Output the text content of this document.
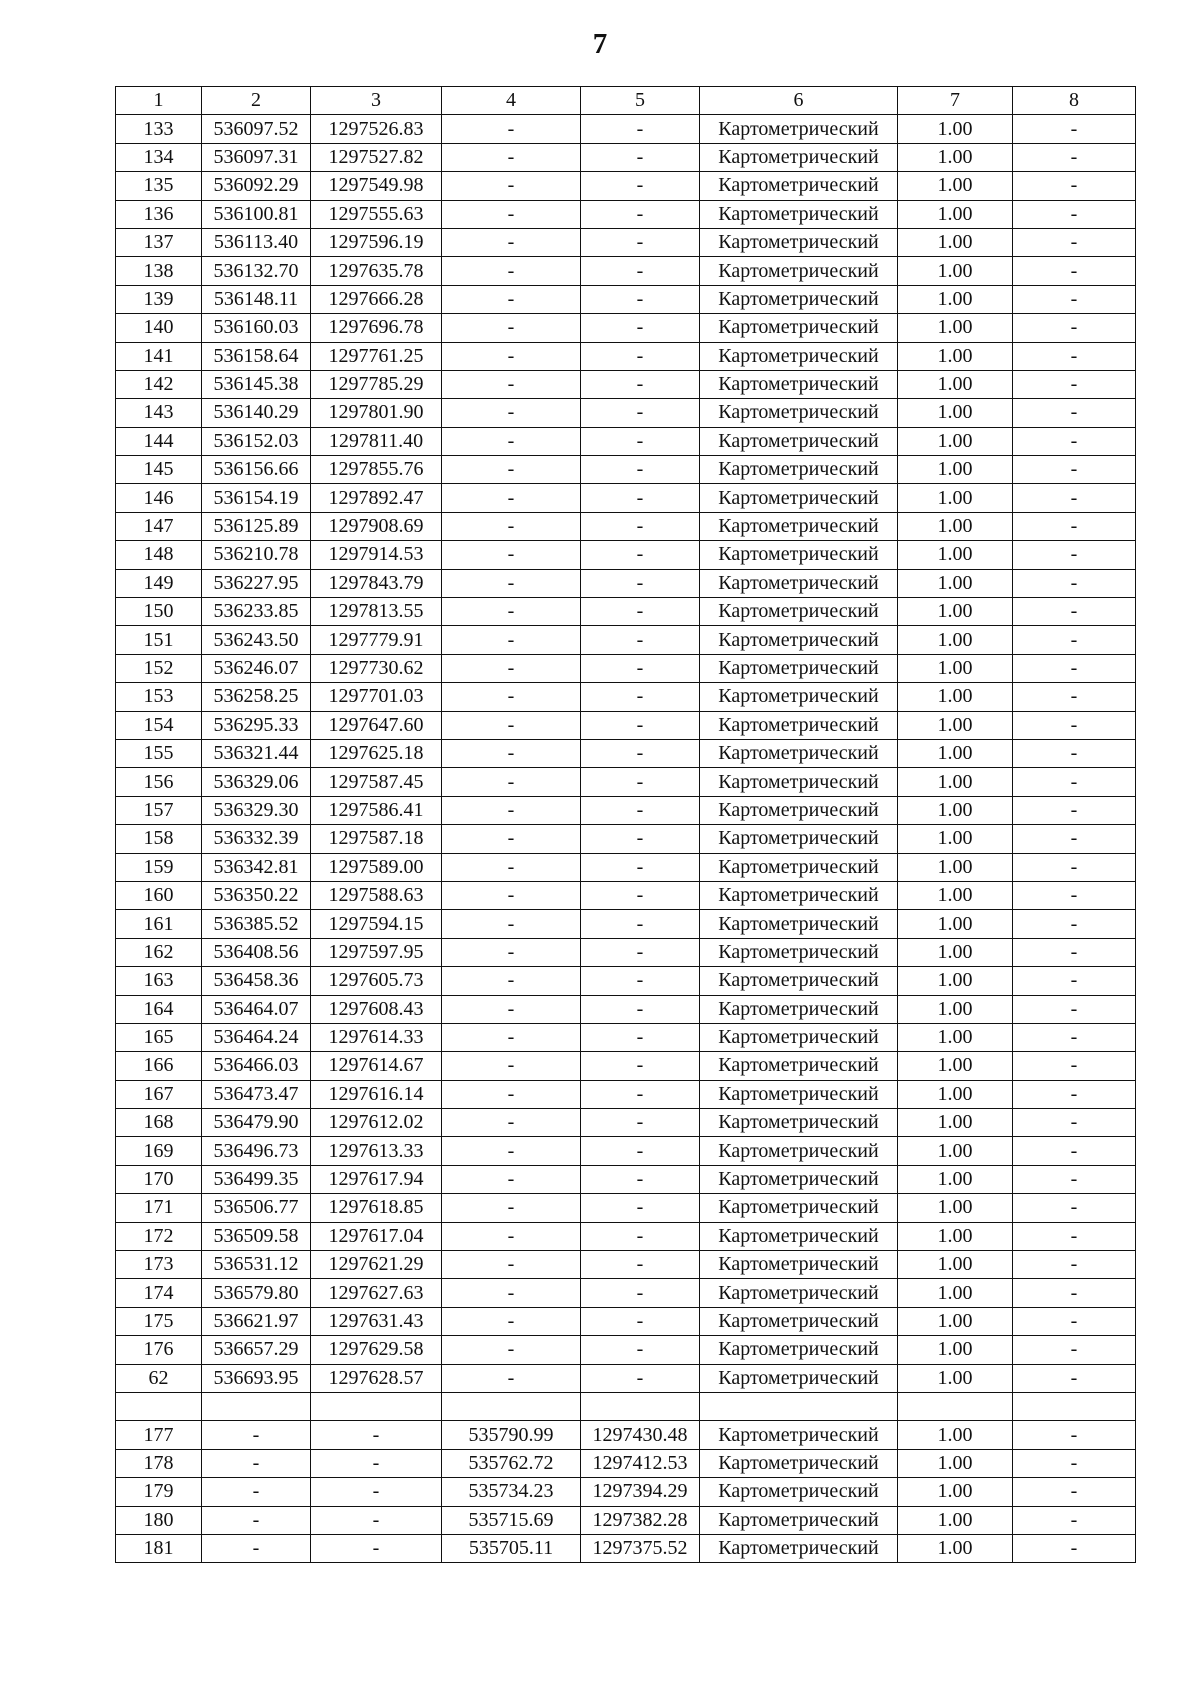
7
1	2	3	4	5	6	7	8
133	536097.52	1297526.83	-	-	Картометрический	1.00	-
134	536097.31	1297527.82	-	-	Картометрический	1.00	-
135	536092.29	1297549.98	-	-	Картометрический	1.00	-
136	536100.81	1297555.63	-	-	Картометрический	1.00	-
137	536113.40	1297596.19	-	-	Картометрический	1.00	-
138	536132.70	1297635.78	-	-	Картометрический	1.00	-
139	536148.11	1297666.28	-	-	Картометрический	1.00	-
140	536160.03	1297696.78	-	-	Картометрический	1.00	-
141	536158.64	1297761.25	-	-	Картометрический	1.00	-
142	536145.38	1297785.29	-	-	Картометрический	1.00	-
143	536140.29	1297801.90	-	-	Картометрический	1.00	-
144	536152.03	1297811.40	-	-	Картометрический	1.00	-
145	536156.66	1297855.76	-	-	Картометрический	1.00	-
146	536154.19	1297892.47	-	-	Картометрический	1.00	-
147	536125.89	1297908.69	-	-	Картометрический	1.00	-
148	536210.78	1297914.53	-	-	Картометрический	1.00	-
149	536227.95	1297843.79	-	-	Картометрический	1.00	-
150	536233.85	1297813.55	-	-	Картометрический	1.00	-
151	536243.50	1297779.91	-	-	Картометрический	1.00	-
152	536246.07	1297730.62	-	-	Картометрический	1.00	-
153	536258.25	1297701.03	-	-	Картометрический	1.00	-
154	536295.33	1297647.60	-	-	Картометрический	1.00	-
155	536321.44	1297625.18	-	-	Картометрический	1.00	-
156	536329.06	1297587.45	-	-	Картометрический	1.00	-
157	536329.30	1297586.41	-	-	Картометрический	1.00	-
158	536332.39	1297587.18	-	-	Картометрический	1.00	-
159	536342.81	1297589.00	-	-	Картометрический	1.00	-
160	536350.22	1297588.63	-	-	Картометрический	1.00	-
161	536385.52	1297594.15	-	-	Картометрический	1.00	-
162	536408.56	1297597.95	-	-	Картометрический	1.00	-
163	536458.36	1297605.73	-	-	Картометрический	1.00	-
164	536464.07	1297608.43	-	-	Картометрический	1.00	-
165	536464.24	1297614.33	-	-	Картометрический	1.00	-
166	536466.03	1297614.67	-	-	Картометрический	1.00	-
167	536473.47	1297616.14	-	-	Картометрический	1.00	-
168	536479.90	1297612.02	-	-	Картометрический	1.00	-
169	536496.73	1297613.33	-	-	Картометрический	1.00	-
170	536499.35	1297617.94	-	-	Картометрический	1.00	-
171	536506.77	1297618.85	-	-	Картометрический	1.00	-
172	536509.58	1297617.04	-	-	Картометрический	1.00	-
173	536531.12	1297621.29	-	-	Картометрический	1.00	-
174	536579.80	1297627.63	-	-	Картометрический	1.00	-
175	536621.97	1297631.43	-	-	Картометрический	1.00	-
176	536657.29	1297629.58	-	-	Картометрический	1.00	-
62	536693.95	1297628.57	-	-	Картометрический	1.00	-

177	-	-	535790.99	1297430.48	Картометрический	1.00	-
178	-	-	535762.72	1297412.53	Картометрический	1.00	-
179	-	-	535734.23	1297394.29	Картометрический	1.00	-
180	-	-	535715.69	1297382.28	Картометрический	1.00	-
181	-	-	535705.11	1297375.52	Картометрический	1.00	-
